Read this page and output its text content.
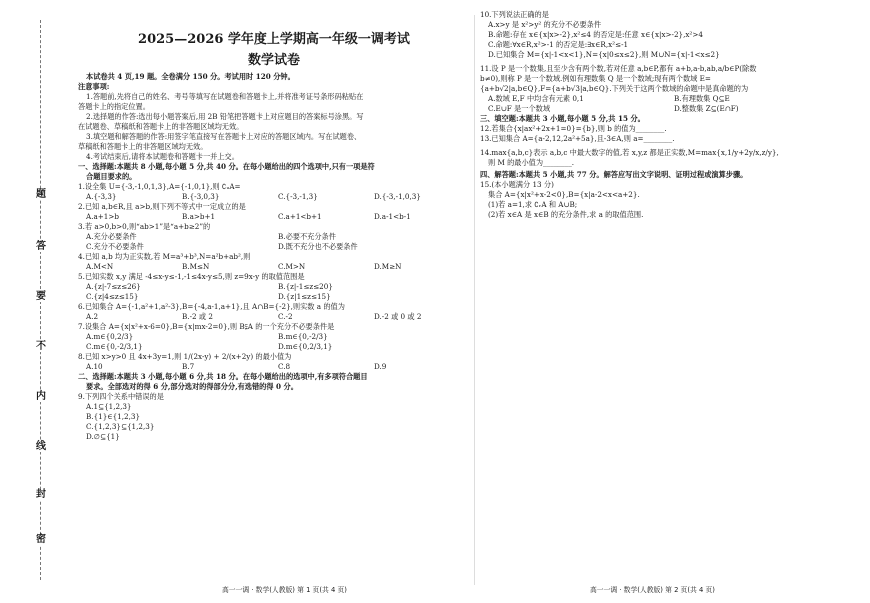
题
答
要
不
内
线
封
密
2025—2026 学年度上学期高一年级一调考试
数学试卷

本试卷共 4 页,19 题。全卷满分 150 分。考试用时 120 分钟。

注意事项:

1.答题前,先将自己的姓名、考号等填写在试题卷和答题卡上,并将准考证号条形码粘贴在

答题卡上的指定位置。

2.选择题的作答:选出每小题答案后,用 2B 铅笔把答题卡上对应题目的答案标号涂黑。写

在试题卷、草稿纸和答题卡上的非答题区域均无效。

3.填空题和解答题的作答:用签字笔直接写在答题卡上对应的答题区域内。写在试题卷、

草稿纸和答题卡上的非答题区域均无效。

4.考试结束后,请将本试题卷和答题卡一并上交。

一、选择题:本题共 8 小题,每小题 5 分,共 40 分。在每小题给出的四个选项中,只有一项是符

合题目要求的。

1.设全集 U={-3,-1,0,1,3},A={-1,0,1},则 ∁ᵤA=

A.{-3,3}	B.{-3,0,3}	C.{-3,-1,3}	D.{-3,-1,0,3}

2.已知 a,b∈R,且 a>b,则下列不等式中一定成立的是

A.a+1>b	B.a>b+1	C.a+1<b+1	D.a-1<b-1

3.若 a>0,b>0,则“ab>1”是“a+b≥2”的

A.充分必要条件	B.必要不充分条件
C.充分不必要条件	D.既不充分也不必要条件

4.已知 a,b 均为正实数,若 M=a³+b³,N=a²b+ab²,则

A.M<N	B.M≤N	C.M>N	D.M≥N

5.已知实数 x,y 满足 -4≤x-y≤-1,-1≤4x-y≤5,则 z=9x-y 的取值范围是

A.{z|-7≤z≤26}	B.{z|-1≤z≤20}
C.{z|4≤z≤15}	D.{z|1≤z≤15}

6.已知集合 A={-1,a²+1,a²-3},B={-4,a-1,a+1},且 A∩B={-2},则实数 a 的值为

A.2	B.-2 或 2	C.-2	D.-2 或 0 或 2

7.设集合 A={x|x²+x-6=0},B={x|mx-2=0},则 B⫋A 的一个充分不必要条件是

A.m∈{0,2/3}	B.m∈{0,-2/3}
C.m∈{0,-2/3,1}	D.m∈{0,2/3,1}

8.已知 x>y>0 且 4x+3y=1,则 1/(2x-y) + 2/(x+2y) 的最小值为

A.10	B.7	C.8	D.9

二、选择题:本题共 3 小题,每小题 6 分,共 18 分。在每小题给出的选项中,有多项符合题目

要求。全部选对的得 6 分,部分选对的得部分分,有选错的得 0 分。

9.下列四个关系中错误的是

A.1⊆{1,2,3}

B.{1}∈{1,2,3}

C.{1,2,3}⊆{1,2,3}

D.∅⊆{1}

10.下列说法正确的是

A.x>y 是 x²>y² 的充分不必要条件

B.命题:存在 x∈{x|x>-2},x²≤4 的否定是:任意 x∈{x|x>-2},x²>4

C.命题:∀x∈R,x²>-1 的否定是:∃x∈R,x²≤-1

D.已知集合 M={x|-1<x<1},N={x|0≤x≤2},则 M∪N={x|-1<x≤2}

11.设 P 是一个数集,且至少含有两个数,若对任意 a,b∈P,都有 a+b,a-b,ab,a/b∈P(除数

b≠0),则称 P 是一个数域.例如有理数集 Q 是一个数域;现有两个数域 E=

{a+b√2|a,b∈Q},F={a+b√3|a,b∈Q}.下列关于这两个数域的命题中是真命题的为

A.数域 E,F 中均含有元素 0,1	B.有理数集 Q⊆E
C.E∪F 是一个数域	D.整数集 Z⊆(E∩F)

三、填空题:本题共 3 小题,每小题 5 分,共 15 分。

12.若集合{x|ax²+2x+1=0}={b},则 b 的值为________.

13.已知集合 A={a-2,12,2a²+5a},且-3∈A,则 a=________.

14.max{a,b,c}表示 a,b,c 中最大数字的值,若 x,y,z 都是正实数,M=max{x,1/y+2y/x,z/y},

则 M 的最小值为________.

四、解答题:本题共 5 小题,共 77 分。解答应写出文字说明、证明过程或演算步骤。

15.(本小题满分 13 分)

集合 A={x|x²+x-2<0},B={x|a-2<x<a+2}.

(1)若 a=1,求 ∁ᵣA 和 A∪B;

(2)若 x∈A 是 x∈B 的充分条件,求 a 的取值范围.

高一一调 · 数学(人教版) 第 1 页(共 4 页)	高一一调 · 数学(人教版) 第 2 页(共 4 页)
